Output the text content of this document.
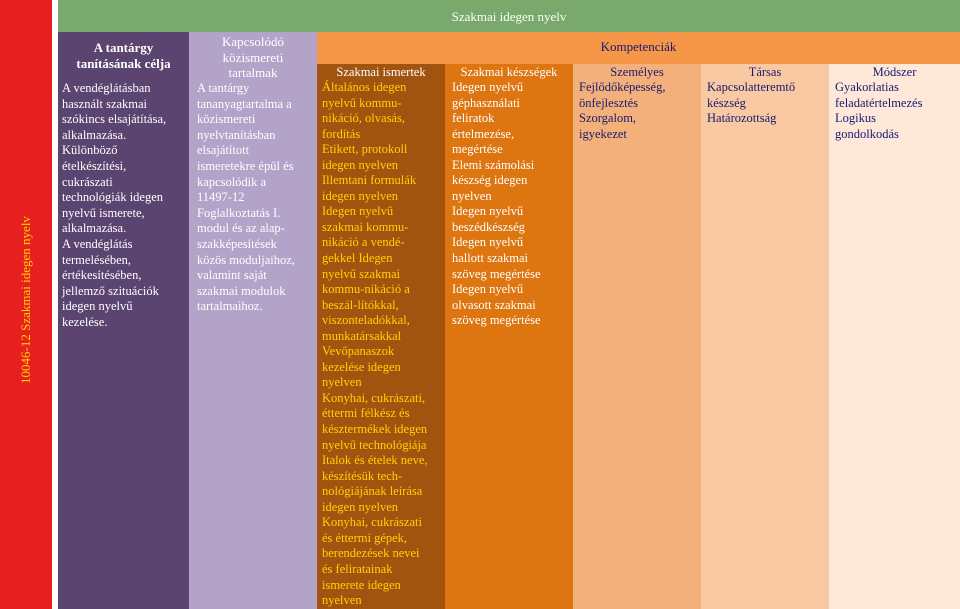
10046-12 Szakmai idegen nyelv
Szakmai idegen nyelv
A tantárgy
tanításának célja
A vendéglátásban
használt szakmai
szókincs elsajátítása,
alkalmazása.
Különböző
ételkészítési,
cukrászati
technológiák idegen
nyelvű ismerete,
alkalmazása.
A vendéglátás
termelésében,
értékesítésében,
jellemző szituációk
idegen nyelvű
kezelése.
Kapcsolódó
közismereti
tartalmak
A tantárgy
tananyagtartalma a
közismereti
nyelvtanításban
elsajátított
ismeretekre épül és
kapcsolódik a
11497-12
Foglalkoztatás I.
modul és az alap-
szakképesítések
közös moduljaihoz,
valamint saját
szakmai modulok
tartalmaihoz.
Kompetenciák
Szakmai ismertek
Általános idegen
nyelvű kommu-
nikáció, olvasás,
fordítás
Etikett, protokoll
idegen nyelven
Illemtani formulák
idegen nyelven
Idegen nyelvű
szakmai kommu-
nikáció a vendé-
gekkel Idegen
nyelvű szakmai
kommu-nikáció a
beszál-lítókkal,
viszonteladókkal,
munkatársakkal
Vevőpanaszok
kezelése idegen
nyelven
Konyhai, cukrászati,
éttermi félkész és
késztermékek idegen
nyelvű technológiája
Italok és ételek neve,
készítésük tech-
nológiájának leírása
idegen nyelven
Konyhai, cukrászati
és éttermi gépek,
berendezések nevei
és feliratainak
ismerete idegen
nyelven
Szakmai készségek
Idegen nyelvű
géphasználati
feliratok
értelmezése,
megértése
Elemi számolási
készség idegen
nyelven
Idegen nyelvű
beszédkészség
Idegen nyelvű
hallott szakmai
szöveg megértése
Idegen nyelvű
olvasott szakmai
szöveg megértése
Személyes
Fejlődőképesség,
önfejlesztés
Szorgalom,
igyekezet
Társas
Kapcsolatteremtő
készség
Határozottság
Módszer
Gyakorlatias
feladatértelmezés
Logikus
gondolkodás
